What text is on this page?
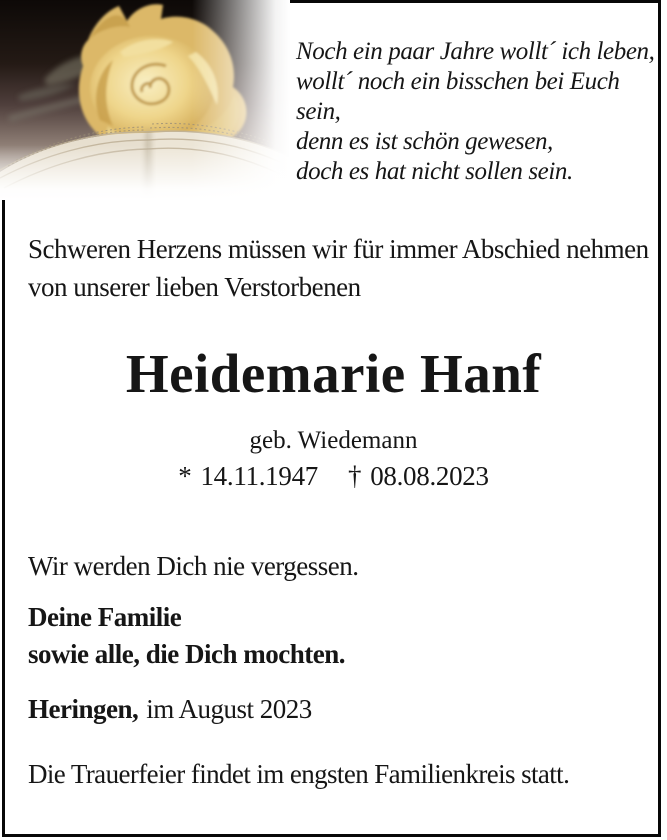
Noch ein paar Jahre wollt´ ich leben,
wollt´ noch ein bisschen bei Euch sein,
denn es ist schön gewesen,
doch es hat nicht sollen sein.
Schweren Herzens müssen wir für immer Abschied nehmen
von unserer lieben Verstorbenen
Heidemarie Hanf
geb. Wiedemann
* 14.11.1947 † 08.08.2023
Wir werden Dich nie vergessen.
Deine Familie
sowie alle, die Dich mochten.
Heringen, im August 2023
Die Trauerfeier findet im engsten Familienkreis statt.
